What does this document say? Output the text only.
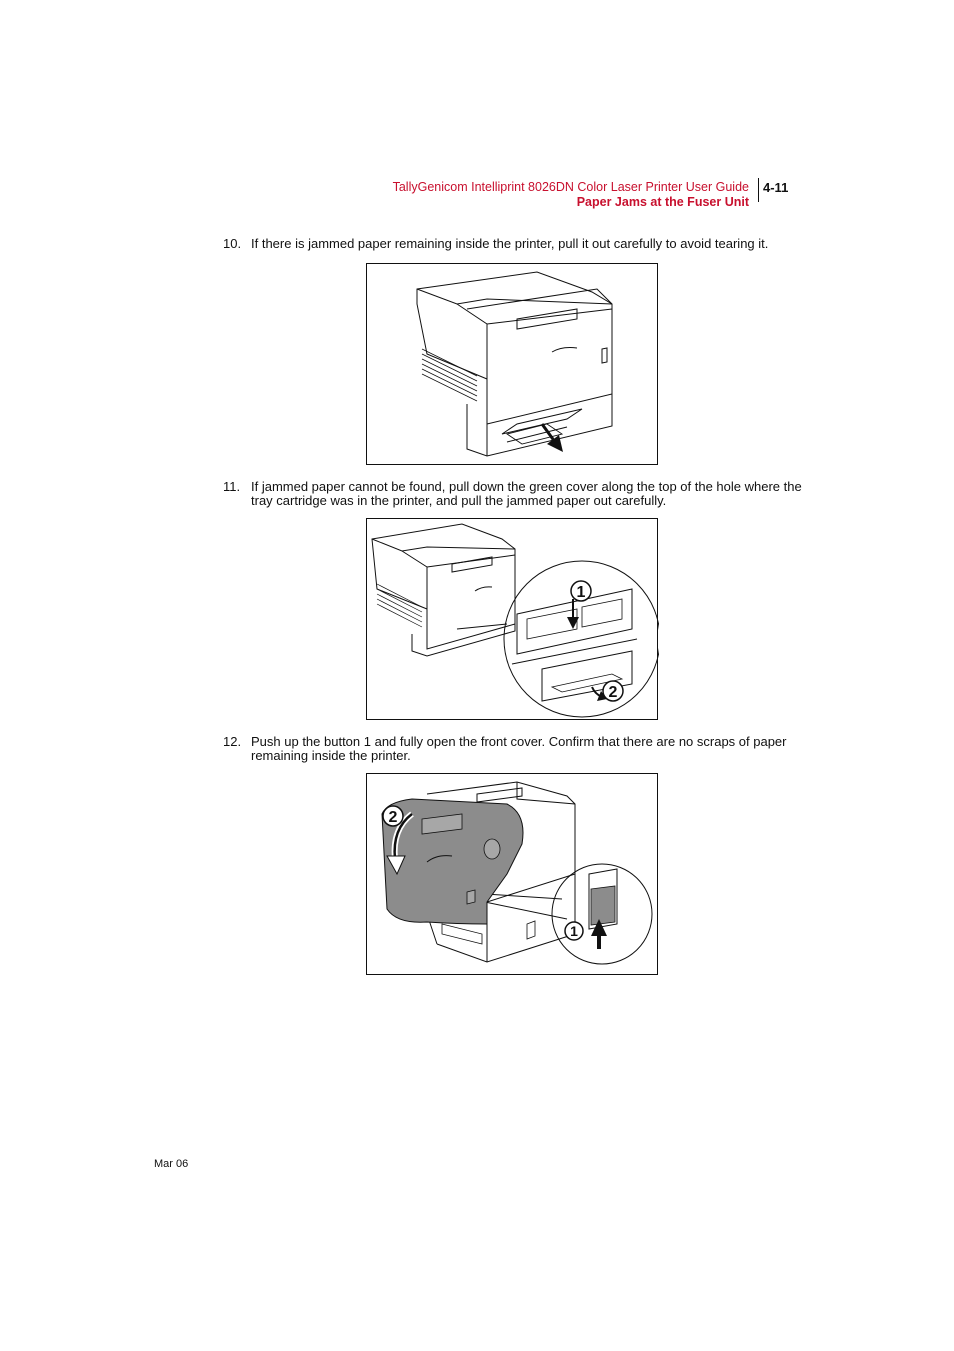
TallyGenicom Intelliprint 8026DN Color Laser Printer User Guide
Paper Jams at the Fuser Unit
4-11
10. If there is jammed paper remaining inside the printer, pull it out carefully to avoid tearing it.
11. If jammed paper cannot be found, pull down the green cover along the top of the hole where the tray cartridge was in the printer, and pull the jammed paper out carefully.
1
2
12. Push up the button 1 and fully open the front cover. Confirm that there are no scraps of paper remaining inside the printer.
2
1
Mar 06
